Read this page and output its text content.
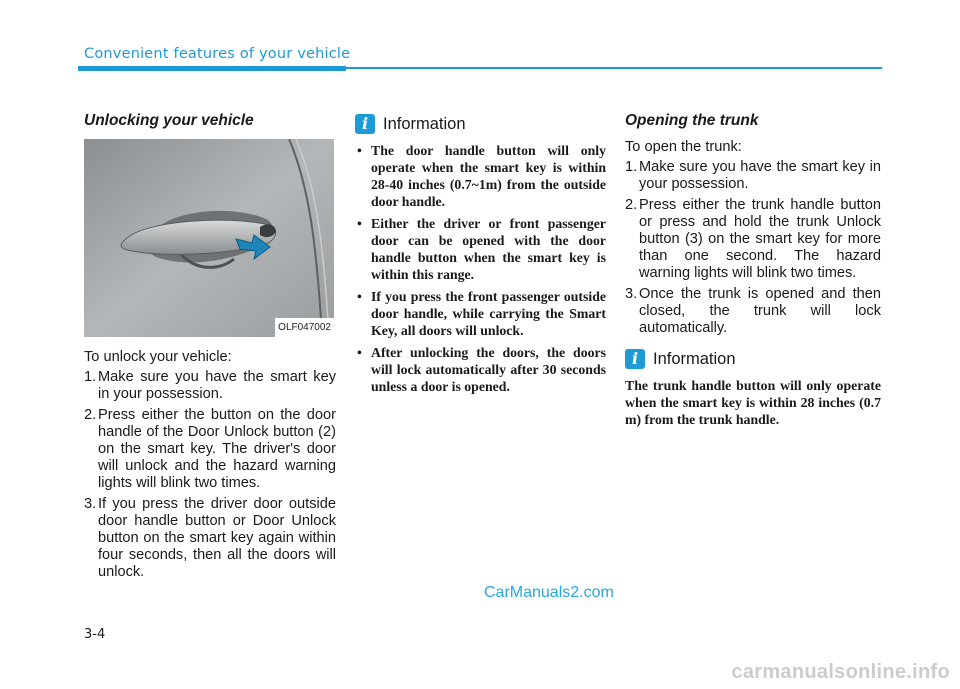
Convenient features of your vehicle
Unlocking your vehicle
OLF047002
To unlock your vehicle:
1. Make sure you have the smart key in your possession.
2. Press either the button on the door handle of the Door Unlock button (2) on the smart key. The driver's door will unlock and the hazard warning lights will blink two times.
3. If you press the driver door outside door handle button or Door Unlock button on the smart key again within four seconds, then all the doors will unlock.
i Information
• The door handle button will only operate when the smart key is within 28-40 inches (0.7~1m) from the outside door handle.
• Either the driver or front passenger door can be opened with the door handle button when the smart key is within this range.
• If you press the front passenger outside door handle, while carrying the Smart Key, all doors will unlock.
• After unlocking the doors, the doors will lock automatically after 30 seconds unless a door is opened.
Opening the trunk
To open the trunk:
1. Make sure you have the smart key in your possession.
2. Press either the trunk handle button or press and hold the trunk Unlock button (3) on the smart key for more than one second. The hazard warning lights will blink two times.
3. Once the trunk is opened and then closed, the trunk will lock automatically.
i Information
The trunk handle button will only operate when the smart key is within 28 inches (0.7 m) from the trunk handle.
CarManuals2.com
3-4
carmanualsonline.info
